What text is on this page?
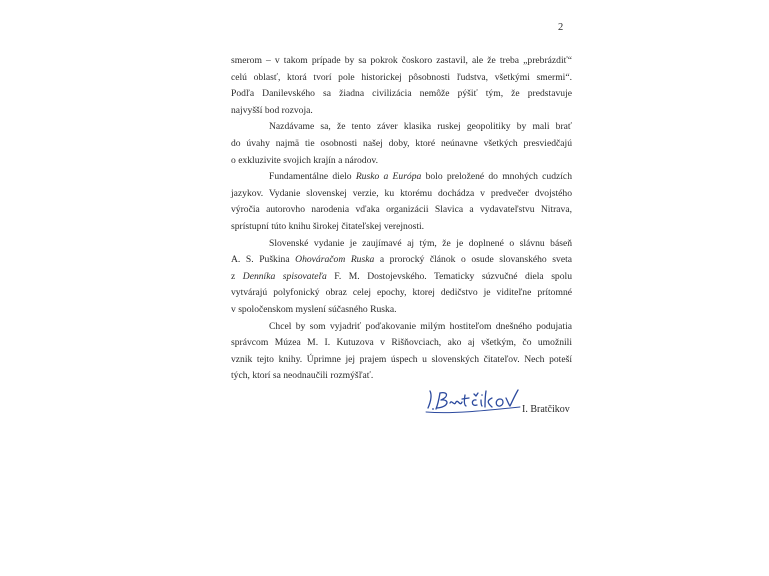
2

smerom – v takom prípade by sa pokrok čoskoro zastavil, ale že treba „prebrázdiť“
celú oblasť, ktorá tvorí pole historickej pôsobnosti ľudstva, všetkými smermi“.
Podľa Danilevského sa žiadna civilizácia nemôže pýšiť tým, že predstavuje
najvyšší bod rozvoja.

Nazdávame sa, že tento záver klasika ruskej geopolitiky by mali brať
do úvahy najmä tie osobnosti našej doby, ktoré neúnavne všetkých presviedčajú
o exkluzivite svojich krajín a národov.

Fundamentálne dielo Rusko a Európa bolo preložené do mnohých cudzích
jazykov. Vydanie slovenskej verzie, ku ktorému dochádza v predvečer dvojstého
výročia autorovho narodenia vďaka organizácii Slavica a vydavateľstvu Nitrava,
sprístupní túto knihu širokej čitateľskej verejnosti.

Slovenské vydanie je zaujímavé aj tým, že je doplnené o slávnu báseň
A. S. Puškina Ohováračom Ruska a prorocký článok o osude slovanského sveta
z Denníka spisovateľa F. M. Dostojevského. Tematicky súzvučné diela spolu
vytvárajú polyfonický obraz celej epochy, ktorej dedičstvo je viditeľne prítomné
v spoločenskom myslení súčasného Ruska.

Chcel by som vyjadriť poďakovanie milým hostiteľom dnešného podujatia
správcom Múzea M. I. Kutuzova v Rišňovciach, ako aj všetkým, čo umožnili
vznik tejto knihy. Úprimne jej prajem úspech u slovenských čitateľov. Nech poteší
tých, ktorí sa neodnaučili rozmýšľať.

I. Bratčikov
